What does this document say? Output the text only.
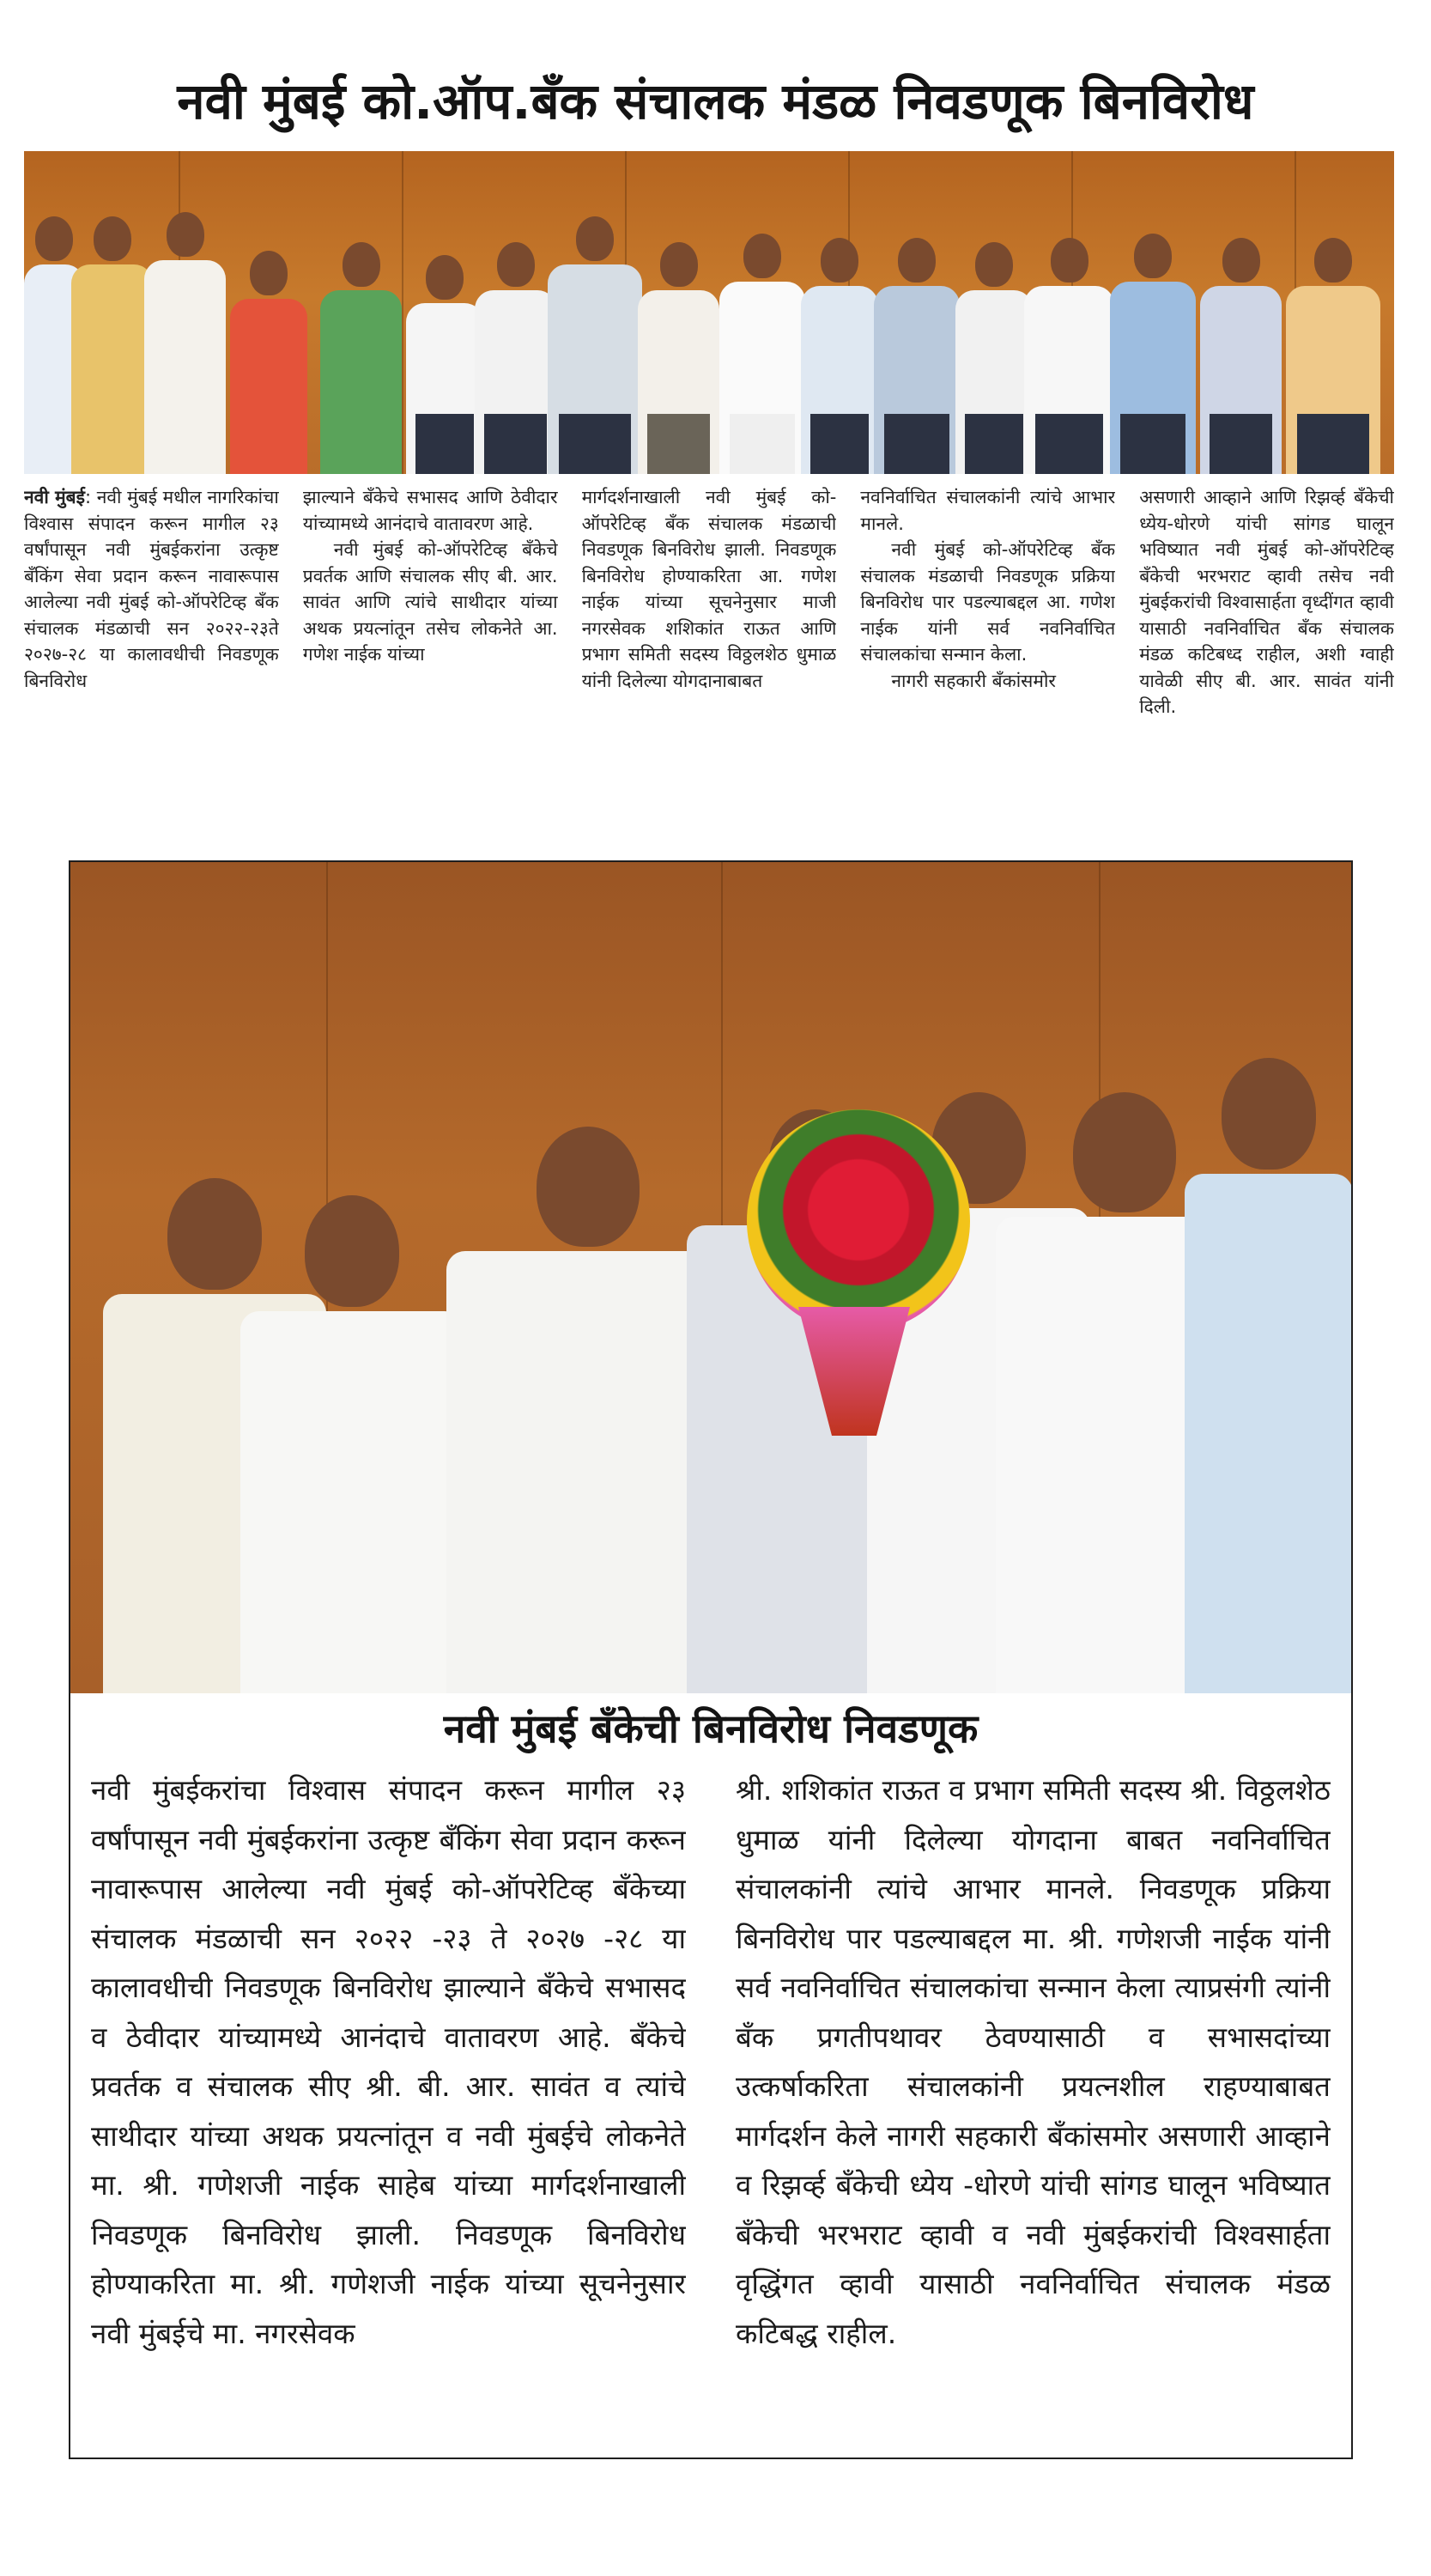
नवी मुंबई को.ऑप.बँक संचालक मंडळ निवडणूक बिनविरोध

नवी मुंबई: नवी मुंबई मधील नागरिकांचा विश्वास संपादन करून मागील २३ वर्षांपासून नवी मुंबईकरांना उत्कृष्ट बँकिंग सेवा प्रदान करून नावारूपास आलेल्या नवी मुंबई को-ऑपरेटिव्ह बँक संचालक मंडळाची सन २०२२-२३ते २०२७-२८ या कालावधीची निवडणूक बिनविरोध

झाल्याने बँकेचे सभासद आणि ठेवीदार यांच्यामध्ये आनंदाचे वातावरण आहे.

नवी मुंबई को-ऑपरेटिव्ह बँकेचे प्रवर्तक आणि संचालक सीए बी. आर. सावंत आणि त्यांचे साथीदार यांच्या अथक प्रयत्नांतून तसेच लोकनेते आ. गणेश नाईक यांच्या

मार्गदर्शनाखाली नवी मुंबई को-ऑपरेटिव्ह बँक संचालक मंडळाची निवडणूक बिनविरोध झाली. निवडणूक बिनविरोध होण्याकरिता आ. गणेश नाईक यांच्या सूचनेनुसार माजी नगरसेवक शशिकांत राऊत आणि प्रभाग समिती सदस्य विठ्ठलशेठ धुमाळ यांनी दिलेल्या योगदानाबाबत

नवनिर्वाचित संचालकांनी त्यांचे आभार मानले.

नवी मुंबई को-ऑपरेटिव्ह बँक संचालक मंडळाची निवडणूक प्रक्रिया बिनविरोध पार पडल्याबद्दल आ. गणेश नाईक यांनी सर्व नवनिर्वाचित संचालकांचा सन्मान केला.

नागरी सहकारी बँकांसमोर

असणारी आव्हाने आणि रिझर्व्ह बँकेची ध्येय-धोरणे यांची सांगड घालून भविष्यात नवी मुंबई को-ऑपरेटिव्ह बँकेची भरभराट व्हावी तसेच नवी मुंबईकरांची विश्वासार्हता वृध्दींगत व्हावी यासाठी नवनिर्वाचित बँक संचालक मंडळ कटिबध्द राहील, अशी ग्वाही यावेळी सीए बी. आर. सावंत यांनी दिली.

नवी मुंबई बँकेची बिनविरोध निवडणूक

नवी मुंबईकरांचा विश्वास संपादन करून मागील २३ वर्षांपासून नवी मुंबईकरांना उत्कृष्ट बँकिंग सेवा प्रदान करून नावारूपास आलेल्या नवी मुंबई को-ऑपरेटिव्ह बँकेच्या संचालक मंडळाची सन २०२२ -२३ ते २०२७ -२८ या कालावधीची निवडणूक बिनविरोध झाल्याने बँकेचे सभासद व ठेवीदार यांच्यामध्ये आनंदाचे वातावरण आहे. बँकेचे प्रवर्तक व संचालक सीए श्री. बी. आर. सावंत व त्यांचे साथीदार यांच्या अथक प्रयत्नांतून व नवी मुंबईचे लोकनेते मा. श्री. गणेशजी नाईक साहेब यांच्या मार्गदर्शनाखाली निवडणूक बिनविरोध झाली. निवडणूक बिनविरोध होण्याकरिता मा. श्री. गणेशजी नाईक यांच्या सूचनेनुसार नवी मुंबईचे मा. नगरसेवक

श्री. शशिकांत राऊत व प्रभाग समिती सदस्य श्री. विठ्ठलशेठ धुमाळ यांनी दिलेल्या योगदाना बाबत नवनिर्वाचित संचालकांनी त्यांचे आभार मानले. निवडणूक प्रक्रिया बिनविरोध पार पडल्याबद्दल मा. श्री. गणेशजी नाईक यांनी सर्व नवनिर्वाचित संचालकांचा सन्मान केला त्याप्रसंगी त्यांनी बँक प्रगतीपथावर ठेवण्यासाठी व सभासदांच्या उत्कर्षाकरिता संचालकांनी प्रयत्नशील राहण्याबाबत मार्गदर्शन केले नागरी सहकारी बँकांसमोर असणारी आव्हाने व रिझर्व्ह बँकेची ध्येय -धोरणे यांची सांगड घालून भविष्यात बँकेची भरभराट व्हावी व नवी मुंबईकरांची विश्वसार्हता वृद्धिंगत व्हावी यासाठी नवनिर्वाचित संचालक मंडळ कटिबद्ध राहील.
